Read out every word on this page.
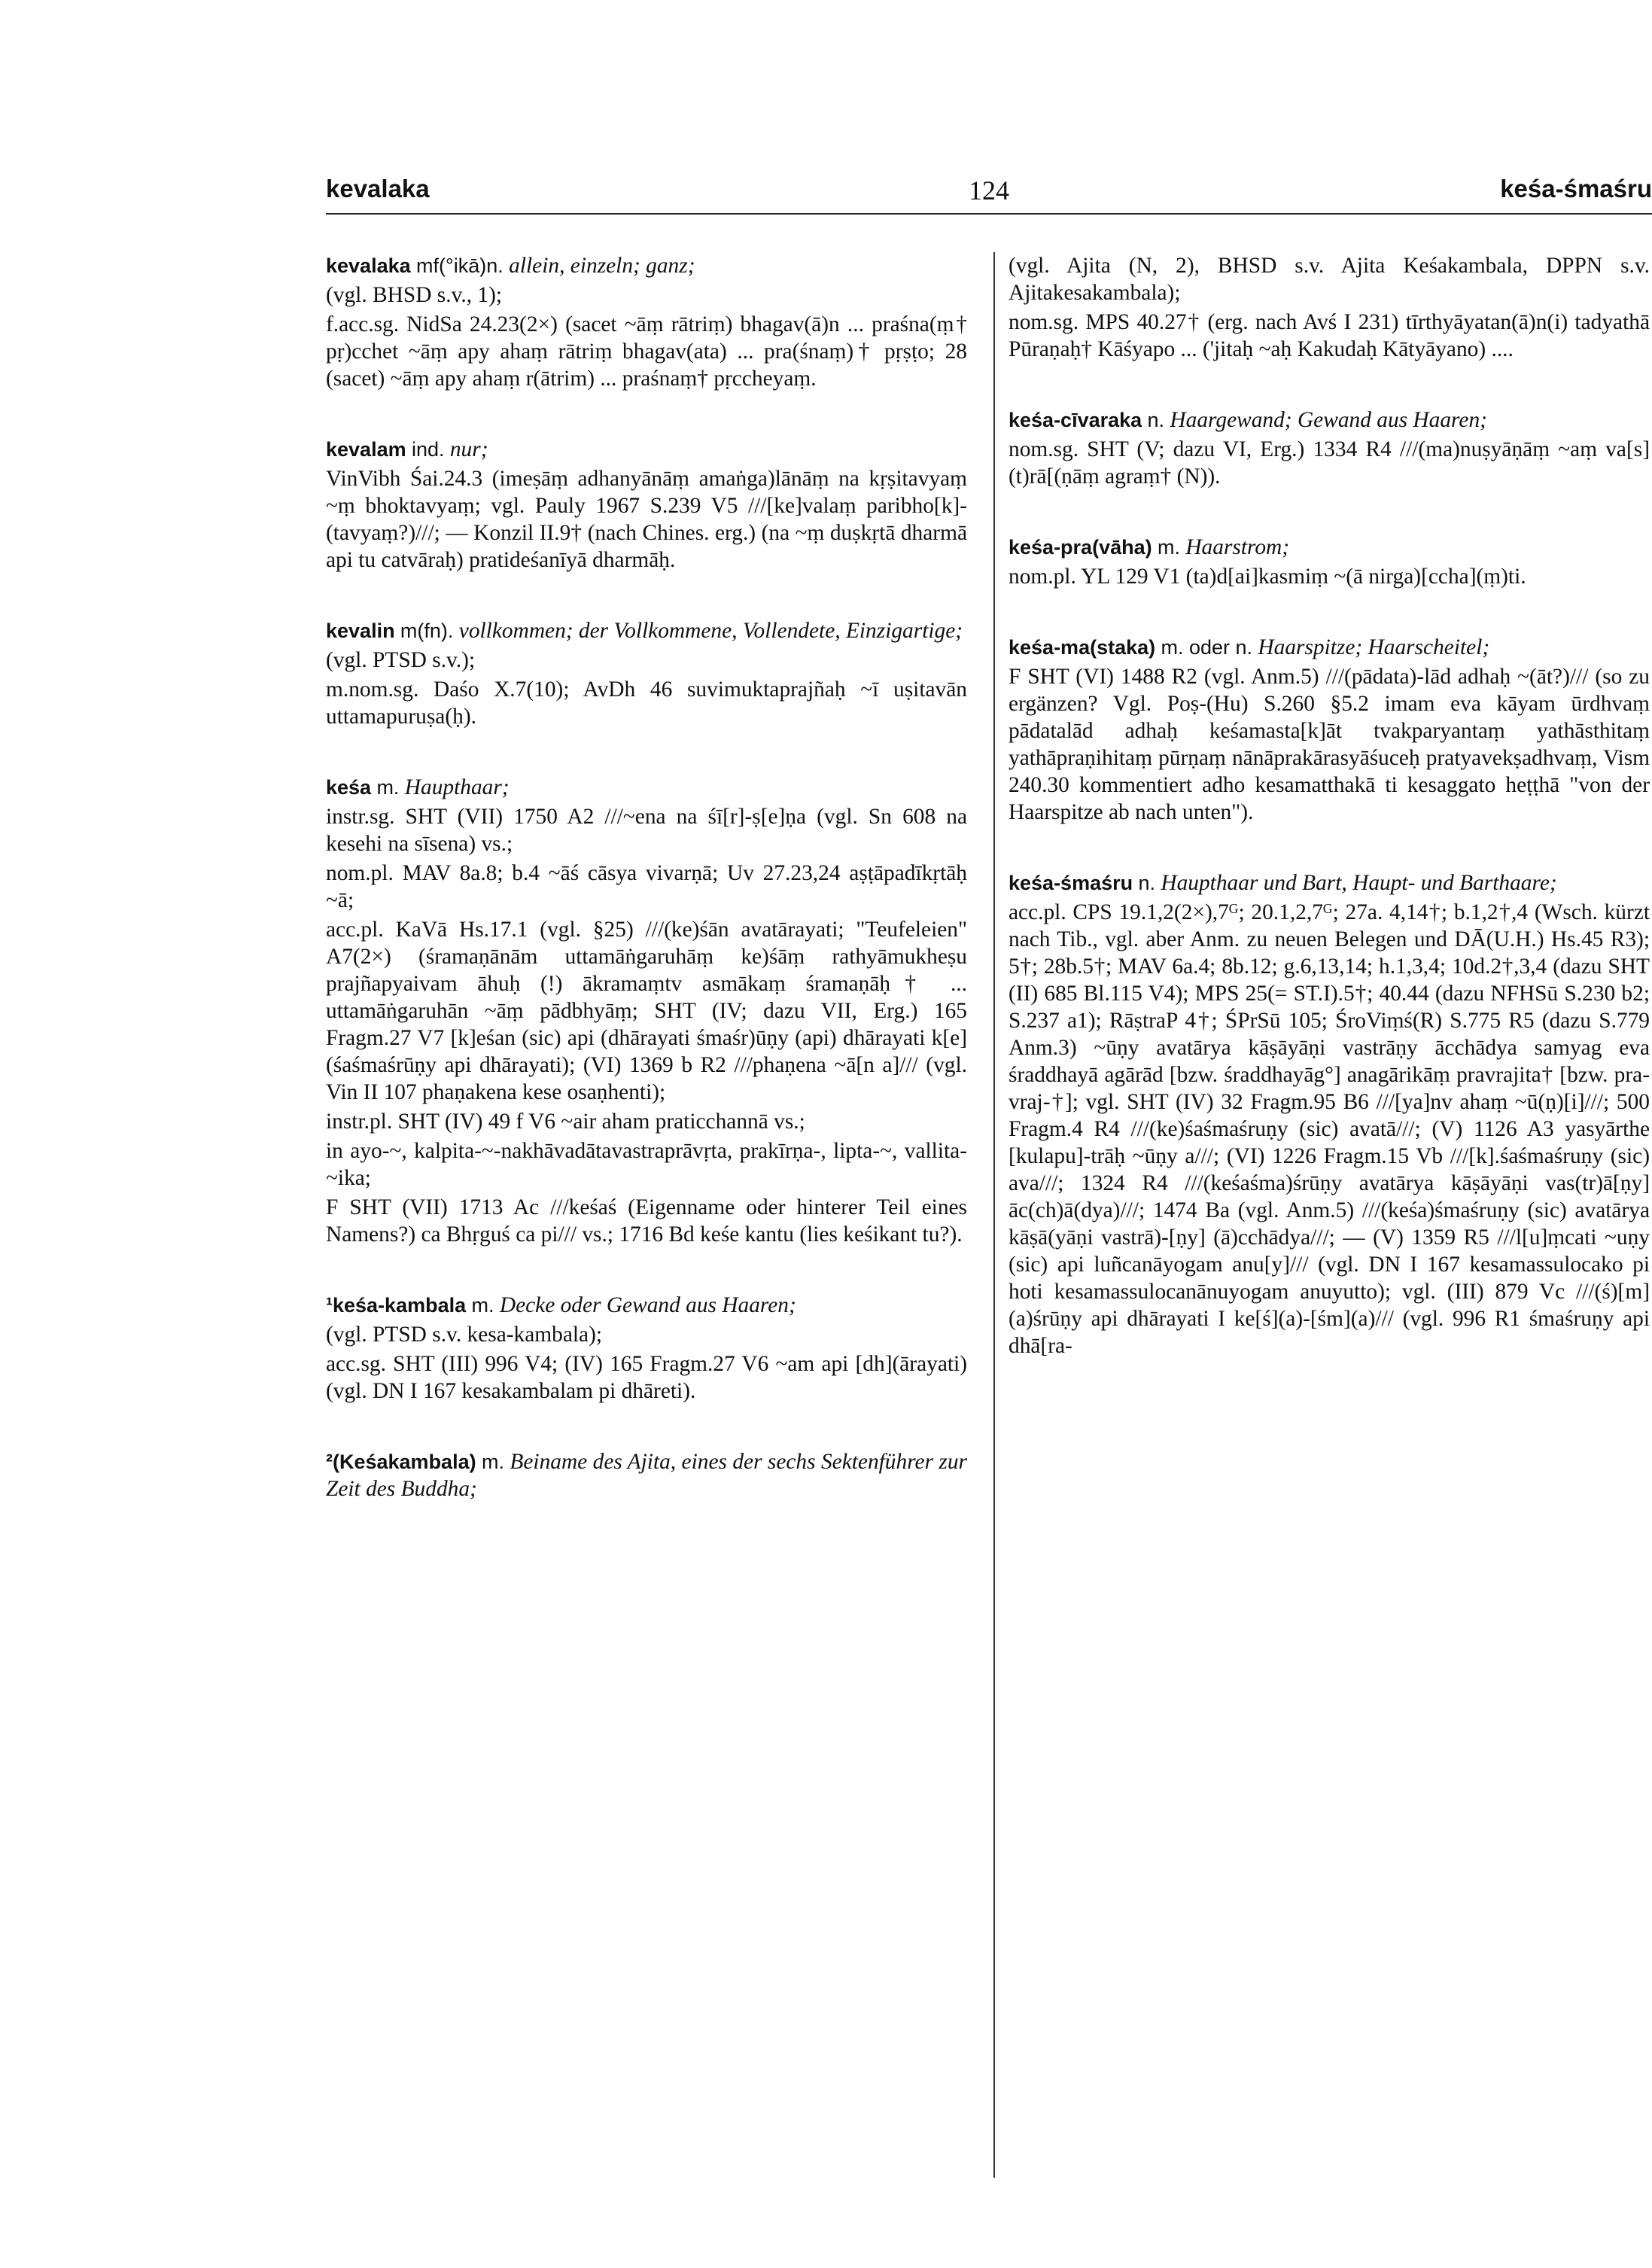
kevalaka	124	keśa-śmaśru

kevalaka mf(°ikā)n. allein, einzeln; ganz;

(vgl. BHSD s.v., 1);

f.acc.sg. NidSa 24.23(2×) (sacet ~āṃ rātriṃ) bhagav(ā)n ... praśna(ṃ† pṛ)cchet ~āṃ apy ahaṃ rātriṃ bhagav(ata) ... pra(śnaṃ)† pṛṣṭo; 28 (sacet) ~āṃ apy ahaṃ r(ātrim) ... praśnaṃ† pṛccheyaṃ.

kevalam ind. nur;

VinVibh Śai.24.3 (imeṣāṃ adhanyānāṃ amaṅga)lānāṃ na kṛṣitavyaṃ ~ṃ bhoktavyaṃ; vgl. Pauly 1967 S.239 V5 ///[ke]valaṃ paribho[k]-(tavyaṃ?)///; — Konzil II.9† (nach Chines. erg.) (na ~ṃ duṣkṛtā dharmā api tu catvāraḥ) pratideśanīyā dharmāḥ.

kevalin m(fn). vollkommen; der Vollkommene, Vollendete, Einzigartige;

(vgl. PTSD s.v.);

m.nom.sg. Daśo X.7(10); AvDh 46 suvimuktaprajñaḥ ~ī uṣitavān uttamapuruṣa(ḥ).

keśa m. Haupthaar;

instr.sg. SHT (VII) 1750 A2 ///~ena na śī[r]-ṣ[e]ṇa (vgl. Sn 608 na kesehi na sīsena) vs.;

nom.pl. MAV 8a.8; b.4 ~āś cāsya vivarṇā; Uv 27.23,24 aṣṭāpadīkṛtāḥ ~ā;

acc.pl. KaVā Hs.17.1 (vgl. §25) ///(ke)śān avatārayati; "Teufeleien" A7(2×) (śramaṇānām uttamāṅgaruhāṃ ke)śāṃ rathyāmukheṣu prajñapyaivam āhuḥ (!) ākramaṃtv asmākaṃ śramaṇāḥ† ... uttamāṅgaruhān ~āṃ pādbhyāṃ; SHT (IV; dazu VII, Erg.) 165 Fragm.27 V7 [k]eśan (sic) api (dhārayati śmaśr)ūṇy (api) dhārayati k[e](śaśmaśrūṇy api dhārayati); (VI) 1369 b R2 ///phaṇena ~ā[n a]/// (vgl. Vin II 107 phaṇakena kese osaṇhenti);

instr.pl. SHT (IV) 49 f V6 ~air aham praticchannā vs.;

in ayo-~, kalpita-~-nakhāvadātavastraprāvṛta, prakīrṇa-, lipta-~, vallita-~ika;

F SHT (VII) 1713 Ac ///keśaś (Eigenname oder hinterer Teil eines Namens?) ca Bhṛguś ca pi/// vs.; 1716 Bd keśe kantu (lies keśikant tu?).

¹keśa-kambala m. Decke oder Gewand aus Haaren;

(vgl. PTSD s.v. kesa-kambala);

acc.sg. SHT (III) 996 V4; (IV) 165 Fragm.27 V6 ~am api [dh](ārayati) (vgl. DN I 167 kesakambalam pi dhāreti).

²(Keśakambala) m. Beiname des Ajita, eines der sechs Sektenführer zur Zeit des Buddha;

(vgl. Ajita (N, 2), BHSD s.v. Ajita Keśakambala, DPPN s.v. Ajitakesakambala);

nom.sg. MPS 40.27† (erg. nach Avś I 231) tīrthyāyatan(ā)n(i) tadyathā Pūraṇaḥ† Kāśyapo ... ('jitaḥ ~aḥ Kakudaḥ Kātyāyano) ....

keśa-cīvaraka n. Haargewand; Gewand aus Haaren;

nom.sg. SHT (V; dazu VI, Erg.) 1334 R4 ///(ma)nuṣyāṇāṃ ~aṃ va[s](t)rā[(ṇāṃ agraṃ† (N)).

keśa-pra(vāha) m. Haarstrom;

nom.pl. YL 129 V1 (ta)d[ai]kasmiṃ ~(ā nirga)[ccha](ṃ)ti.

keśa-ma(staka) m. oder n. Haarspitze; Haarscheitel;

F SHT (VI) 1488 R2 (vgl. Anm.5) ///(pādata)-lād adhaḥ ~(āt?)/// (so zu ergänzen? Vgl. Poṣ-(Hu) S.260 §5.2 imam eva kāyam ūrdhvaṃ pādatalād adhaḥ keśamasta[k]āt tvakparyantaṃ yathāsthitaṃ yathāpraṇihitaṃ pūrṇaṃ nānāprakārasyāśuceḥ pratyavekṣadhvaṃ, Vism 240.30 kommentiert adho kesamatthakā ti kesaggato heṭṭhā "von der Haarspitze ab nach unten").

keśa-śmaśru n. Haupthaar und Bart, Haupt- und Barthaare;

acc.pl. CPS 19.1,2(2×),7ᴳ; 20.1,2,7ᴳ; 27a. 4,14†; b.1,2†,4 (Wsch. kürzt nach Tib., vgl. aber Anm. zu neuen Belegen und DĀ(U.H.) Hs.45 R3); 5†; 28b.5†; MAV 6a.4; 8b.12; g.6,13,14; h.1,3,4; 10d.2†,3,4 (dazu SHT (II) 685 Bl.115 V4); MPS 25(= ST.I).5†; 40.44 (dazu NFHSū S.230 b2; S.237 a1); RāṣtraP 4†; ŚPrSū 105; ŚroViṃś(R) S.775 R5 (dazu S.779 Anm.3) ~ūṇy avatārya kāṣāyāṇi vastrāṇy ācchādya samyag eva śraddhayā agārād [bzw. śraddhayāg°] anagārikāṃ pravrajita† [bzw. pra-vraj-†]; vgl. SHT (IV) 32 Fragm.95 B6 ///[ya]nv ahaṃ ~ū(ṇ)[i]///; 500 Fragm.4 R4 ///(ke)śaśmaśruṇy (sic) avatā///; (V) 1126 A3 yasyārthe [kulapu]-trāḥ ~ūṇy a///; (VI) 1226 Fragm.15 Vb ///[k].śaśmaśruṇy (sic) ava///; 1324 R4 ///(keśaśma)śrūṇy avatārya kāṣāyāṇi vas(tr)ā[ṇy] āc(ch)ā(dya)///; 1474 Ba (vgl. Anm.5) ///(keśa)śmaśruṇy (sic) avatārya kāṣā(yāṇi vastrā)-[ṇy] (ā)cchādya///; — (V) 1359 R5 ///l[u]ṃcati ~uṇy (sic) api luñcanāyogam anu[y]/// (vgl. DN I 167 kesamassulocako pi hoti kesamassulocanānuyogam anuyutto); vgl. (III) 879 Vc ///(ś)[m](a)śrūṇy api dhārayati I ke[ś](a)-[śm](a)/// (vgl. 996 R1 śmaśruṇy api dhā[ra-
